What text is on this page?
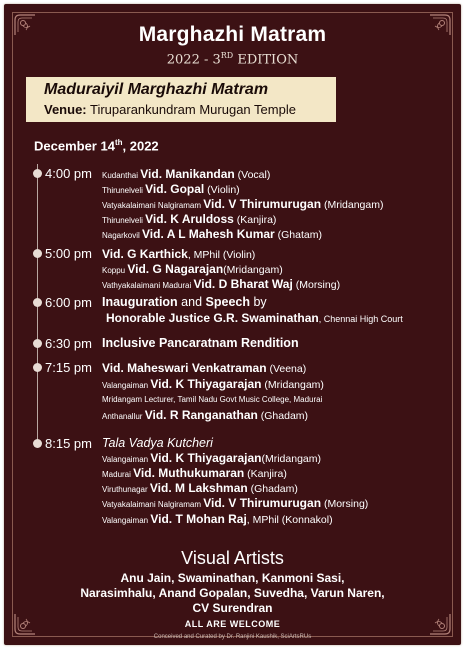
Marghazhi Matram
2022 - 3RD EDITION
Maduraiyil Marghazhi Matram
Venue: Tiruparankundram Murugan Temple
December 14th, 2022
4:00 pm Kudanthai Vid. Manikandan (Vocal)
Thirunelveli Vid. Gopal (Violin)
Vatyakalaimani Nalgiramam Vid. V Thirumurugan (Mridangam)
Thirunelveli Vid. K Aruldoss (Kanjira)
Nagarkovil Vid. A L Mahesh Kumar (Ghatam)
5:00 pm Vid. G Karthick, MPhil (Violin)
Koppu Vid. G Nagarajan(Mridangam)
Vathyakalaimani Madurai Vid. D Bharat Waj (Morsing)
6:00 pm Inauguration and Speech by
Honorable Justice G.R. Swaminathan, Chennai High Court
6:30 pm Inclusive Pancaratnam Rendition
7:15 pm Vid. Maheswari Venkatraman (Veena)
Valangaiman Vid. K Thiyagarajan (Mridangam)
Mridangam Lecturer, Tamil Nadu Govt Music College, Madurai
Anthanallur Vid. R Ranganathan (Ghadam)
8:15 pm Tala Vadya Kutcheri
Valangaiman Vid. K Thiyagarajan(Mridangam)
Madurai Vid. Muthukumaran (Kanjira)
Viruthunagar Vid. M Lakshman (Ghadam)
Vatyakalaimani Nalgiramam Vid. V Thirumurugan (Morsing)
Valangaiman Vid. T Mohan Raj, MPhil (Konnakol)
Visual Artists
Anu Jain, Swaminathan, Kanmoni Sasi,
Narasimhalu, Anand Gopalan, Suvedha, Varun Naren,
CV Surendran
ALL ARE WELCOME
Conceived and Curated by Dr. Ranjini Kaushik, SciArtsRUs
